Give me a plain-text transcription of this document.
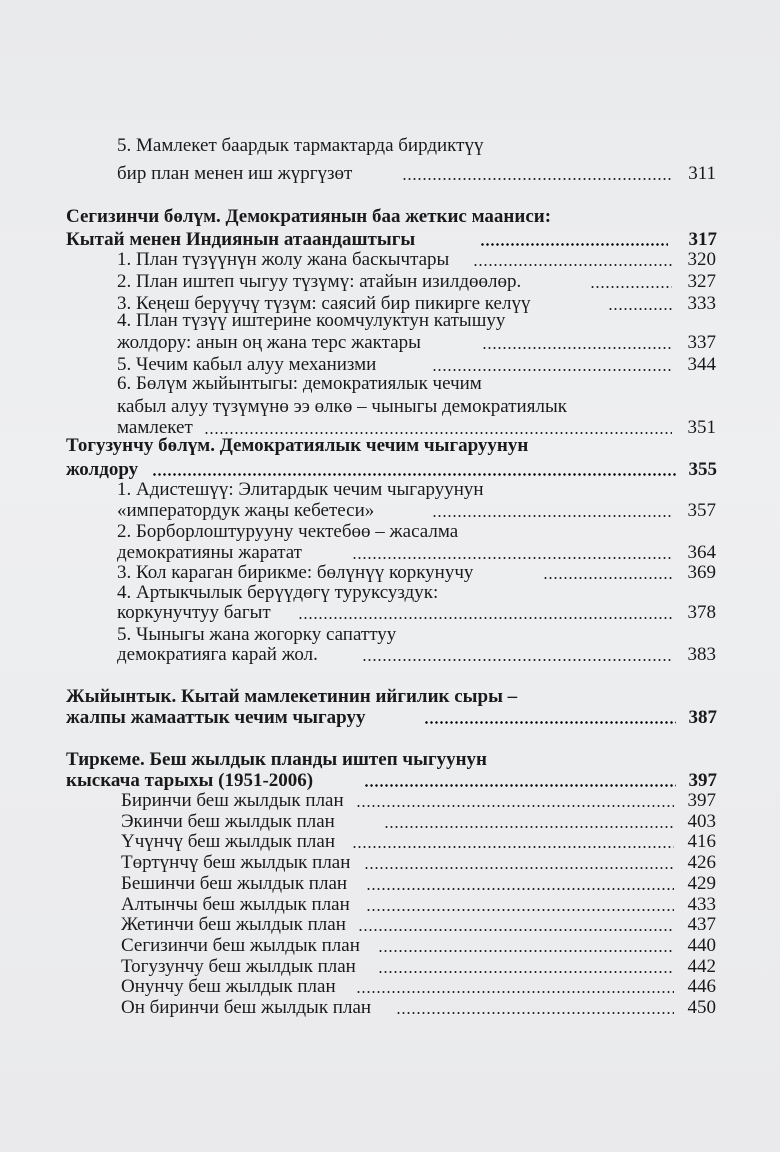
5. Мамлекет баардык тармактарда бирдиктүү
бир план менен иш жүргүзөт	311
Сегизинчи бөлүм. Демократиянын баа жеткис мааниси:
Кытай менен Индиянын атаандаштыгы	317
1. План түзүүнүн жолу жана баскычтары	320
2. План иштеп чыгуу түзүмү: атайын изилдөөлөр.	327
3. Кеңеш берүүчү түзүм: саясий бир пикирге келүү	333
4. План түзүү иштерине коомчулуктун катышуу
жолдору: анын оң жана терс жактары	337
5. Чечим кабыл алуу механизми	344
6. Бөлүм жыйынтыгы: демократиялык чечим
кабыл алуу түзүмүнө ээ өлкө – чыныгы демократиялык
мамлекет	351
Тогузунчу бөлүм. Демократиялык чечим чыгаруунун
жолдору	355
1. Адистешүү: Элитардык чечим чыгаруунун
«императордук жаңы кебетеси»	357
2. Борборлоштурууну чектебөө – жасалма
демократияны жаратат	364
3. Кол караган бирикме: бөлүнүү коркунучу	369
4. Артыкчылык берүүдөгү туруксуздук:
коркунучтуу багыт	378
5. Чыныгы жана жогорку сапаттуу
демократияга карай жол.	383
Жыйынтык. Кытай мамлекетинин ийгилик сыры –
жалпы жамааттык чечим чыгаруу	387
Тиркеме. Беш жылдык планды иштеп чыгуунун
кыскача тарыхы (1951-2006)	397
Биринчи беш жылдык план	397
Экинчи беш жылдык план	403
Үчүнчү беш жылдык план	416
Төртүнчү беш жылдык план	426
Бешинчи беш жылдык план	429
Алтынчы беш жылдык план	433
Жетинчи беш жылдык план	437
Сегизинчи беш жылдык план	440
Тогузунчу беш жылдык план	442
Онунчу беш жылдык план	446
Он биринчи беш жылдык план	450
